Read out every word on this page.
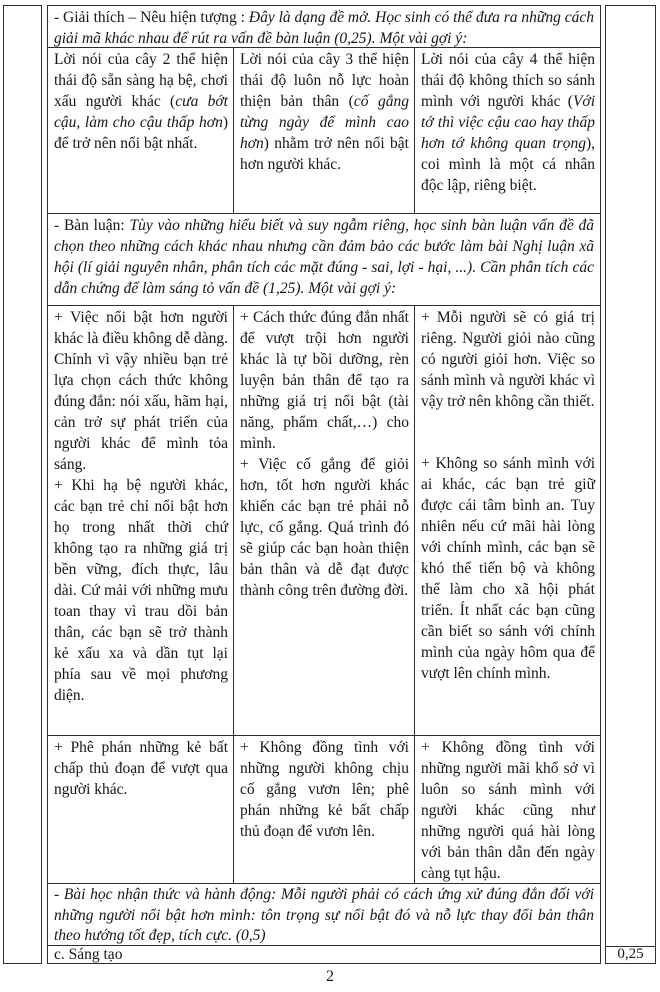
- Giải thích – Nêu hiện tượng : Đây là dạng đề mở. Học sinh có thể đưa ra những cách giải mã khác nhau để rút ra vấn đề bàn luận (0,25). Một vài gợi ý:

Lời nói của cây 2 thể hiện thái độ sẵn sàng hạ bệ, chơi xấu người khác (cưa bớt cậu, làm cho cậu thấp hơn) để trở nên nổi bật nhất.

Lời nói của cây 3 thể hiện thái độ luôn nỗ lực hoàn thiện bản thân (cố gắng từng ngày để mình cao hơn) nhằm trở nên nổi bật hơn người khác.

Lời nói của cây 4 thể hiện thái độ không thích so sánh mình với người khác (Với tớ thì việc cậu cao hay thấp hơn tớ không quan trọng), coi mình là một cá nhân độc lập, riêng biệt.

- Bàn luận: Tùy vào những hiểu biết và suy ngẫm riêng, học sinh bàn luận vấn đề đã chọn theo những cách khác nhau nhưng cần đảm bảo các bước làm bài Nghị luận xã hội (lí giải nguyên nhân, phân tích các mặt đúng - sai, lợi - hại, ...). Cần phân tích các dẫn chứng để làm sáng tỏ vấn đề (1,25). Một vài gợi ý:

+ Việc nổi bật hơn người khác là điều không dễ dàng. Chính vì vậy nhiều bạn trẻ lựa chọn cách thức không đúng đắn: nói xấu, hãm hại, cản trở sự phát triển của người khác để mình tỏa sáng.

+ Khi hạ bệ người khác, các bạn trẻ chỉ nổi bật hơn họ trong nhất thời chứ không tạo ra những giá trị bền vững, đích thực, lâu dài. Cứ mải với những mưu toan thay vì trau dồi bản thân, các bạn sẽ trở thành kẻ xấu xa và dần tụt lại phía sau về mọi phương diện.

+ Cách thức đúng đắn nhất để vượt trội hơn người khác là tự bồi dưỡng, rèn luyện bản thân để tạo ra những giá trị nổi bật (tài năng, phẩm chất,…) cho mình.

+ Việc cố gắng để giỏi hơn, tốt hơn người khác khiến các bạn trẻ phải nỗ lực, cố gắng. Quá trình đó sẽ giúp các bạn hoàn thiện bản thân và dễ đạt được thành công trên đường đời.

+ Mỗi người sẽ có giá trị riêng. Người giỏi nào cũng có người giỏi hơn. Việc so sánh mình và người khác vì vậy trở nên không cần thiết.

+ Không so sánh mình với ai khác, các bạn trẻ giữ được cái tâm bình an. Tuy nhiên nếu cứ mãi hài lòng với chính mình, các bạn sẽ khó thể tiến bộ và không thể làm cho xã hội phát triển. Ít nhất các bạn cũng cần biết so sánh với chính mình của ngày hôm qua để vượt lên chính mình.

+ Phê phán những kẻ bất chấp thủ đoạn để vượt qua người khác.

+ Không đồng tình với những người không chịu cố gắng vươn lên; phê phán những kẻ bất chấp thủ đoạn để vươn lên.

+ Không đồng tình với những người mãi khổ sở vì luôn so sánh mình với người khác cũng như những người quá hài lòng với bản thân dẫn đến ngày càng tụt hậu.

- Bài học nhận thức và hành động: Mỗi người phải có cách ứng xử đúng đắn đối với những người nổi bật hơn mình: tôn trọng sự nổi bật đó và nỗ lực thay đổi bản thân theo hướng tốt đẹp, tích cực. (0,5)

c. Sáng tạo	0,25
2
